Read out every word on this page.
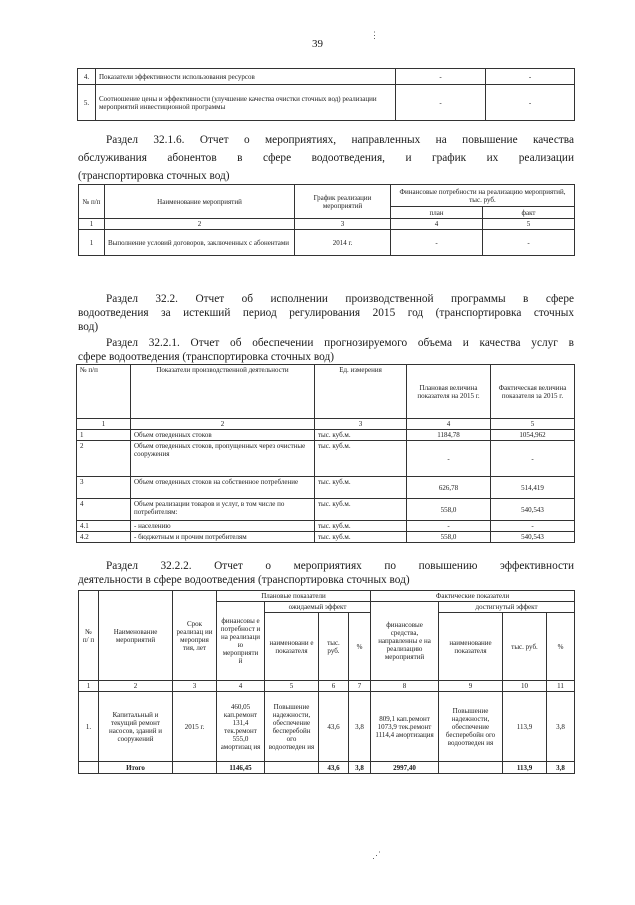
39
⋮
4.	Показатели эффективности использования ресурсов	-	-
5.	Соотношение цены и эффективности (улучшение качества очистки сточных вод) реализации мероприятий инвестиционной программы	-	-
Раздел 32.1.6. Отчет о мероприятиях, направленных на повышение качества
обслуживания абонентов в сфере водоотведения, и график их реализации
(транспортировка сточных вод)
№ п/п	Наименование мероприятий	График реализации мероприятий	Финансовые потребности на реализацию мероприятий, тыс. руб.	
			план	факт
1	2	3	4	5
1	Выполнение условий договоров, заключенных с абонентами	2014 г.	-	-
Раздел 32.2. Отчет об исполнении производственной программы в сфере
водоотведения за истекший период регулирования 2015 год (транспортировка сточных
вод)
Раздел 32.2.1. Отчет об обеспечении прогнозируемого объема и качества услуг в
сфере водоотведения (транспортировка сточных вод)
№ п/п	Показатели производственной деятельности	Ед. измерения	Плановая величина показателя на 2015 г.	Фактическая величина показателя за 2015 г.
1	2	3	4	5
1	Объем отведенных стоков	тыс. куб.м.	1184,78	1054,962
2	Объем отведенных стоков, пропущенных через очистные сооружения	тыс. куб.м.	-	-
3	Объем отведенных стоков на собственное потребление	тыс. куб.м.	626,78	514,419
4	Объем реализации товаров и услуг, в том числе по потребителям:	тыс. куб.м.	558,0	540,543
4.1	- населению	тыс. куб.м.	-	-
4.2	- бюджетным и прочим потребителям	тыс. куб.м.	558,0	540,543
Раздел 32.2.2. Отчет о мероприятиях по повышению эффективности
деятельности в сфере водоотведения (транспортировка сточных вод)
№ п/ п	Наименование мероприятий	Срок реализац ии мероприя тия, лет	Плановые показатели				Фактические показатели			
			финансовы е потребност и на реализаци ю мероприяти й	ожидаемый эффект			финансовые средства, направленны е на реализацию мероприятий	достигнутый эффект		
				наименовани е показателя	тыс. руб.	%		наименование показателя	тыс. руб.	%
1	2	3	4	5	6	7	8	9	10	11
1.	Капитальный и текущий ремонт насосов, зданий и сооружений	2015 г.	460,05 кап.ремонт 131,4 тек.ремонт 555,0 амортизац ия	Повышение надежности, обеспечение бесперебойн ого водоотведен ия	43,6	3,8	809,1 кап.ремонт 1073,9 тек.ремонт 1114,4 амортизация	Повышение надежности, обеспечение бесперебойн ого водоотведен ия	113,9	3,8
	Итого		1146,45		43,6	3,8	2997,40		113,9	3,8
⋰
